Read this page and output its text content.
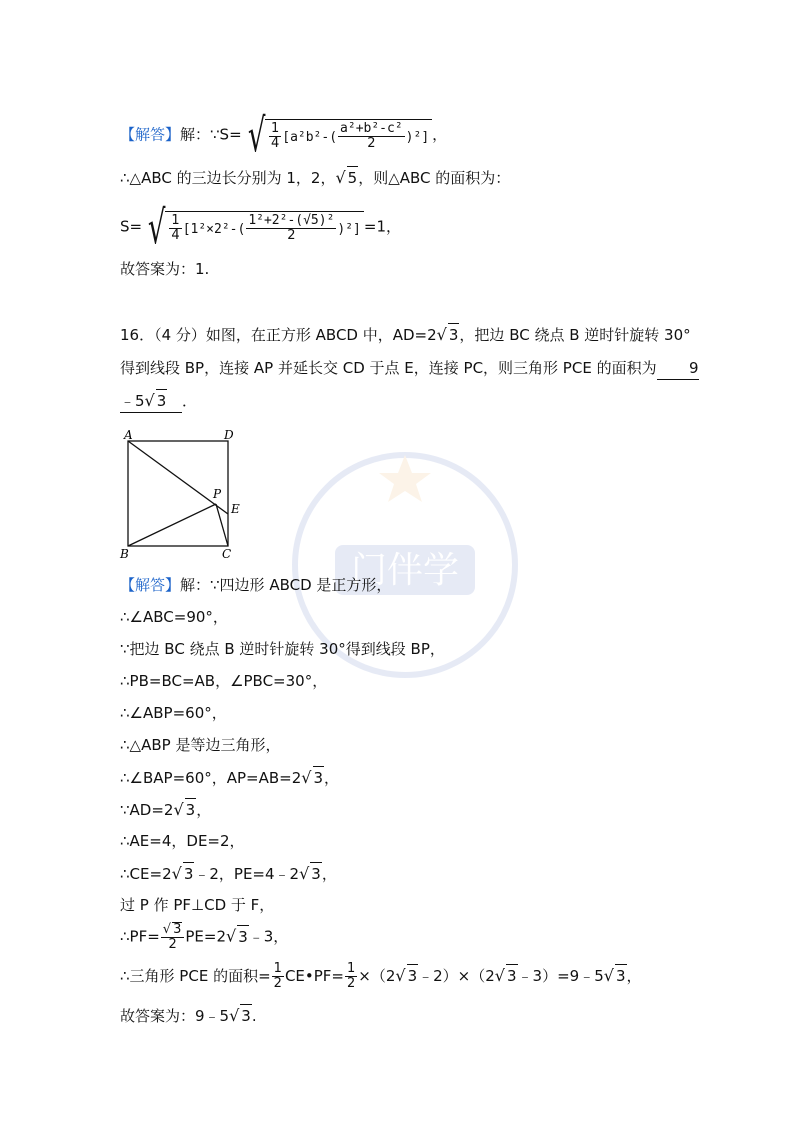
门伴学
【解答】解：∵S= √ $\frac{1}{4} [a^2b^2-( \frac{\text{a²+b²-c²}}{2} )^2]$ ，
∴△ABC 的三边长分别为 1，2，√ 5，则△ABC 的面积为：
S= √ $\frac{1}{4} [1^2\times 2^2-( \frac{\text{1²+2²-(√5)²}}{2} )^2] =1$，
故答案为：1.
16．（4 分）如图，在正方形 ABCD 中，AD=2√ 3，把边 BC 绕点 B 逆时针旋转 30°
得到线段 BP，连接 AP 并延长交 CD 于点 E，连接 PC，则三角形 PCE 的面积为 9
﹣5√ 3 ．
A	D
P
E
B	C
【解答】解：∵四边形 ABCD 是正方形，
∴∠ABC=90°，
∵把边 BC 绕点 B 逆时针旋转 30°得到线段 BP，
∴PB=BC=AB，∠PBC=30°，
∴∠ABP=60°，
∴△ABP 是等边三角形，
∴∠BAP=60°，AP=AB=2√ 3，
∵AD=2√ 3，
∴AE=4，DE=2，
∴CE=2√ 3﹣2，PE=4﹣2√ 3，
过 P 作 PF⊥CD 于 F，
∴PF= $\frac{√ 3}{2} PE=2√$ 3﹣3，
∴三角形 PCE 的面积= $\frac{1}{2}$ CE•PF= $\frac{1}{2} \times(2√$ 3﹣2）×（2√ 3﹣3）=9﹣5√ 3，
故答案为：9﹣5√ 3.
